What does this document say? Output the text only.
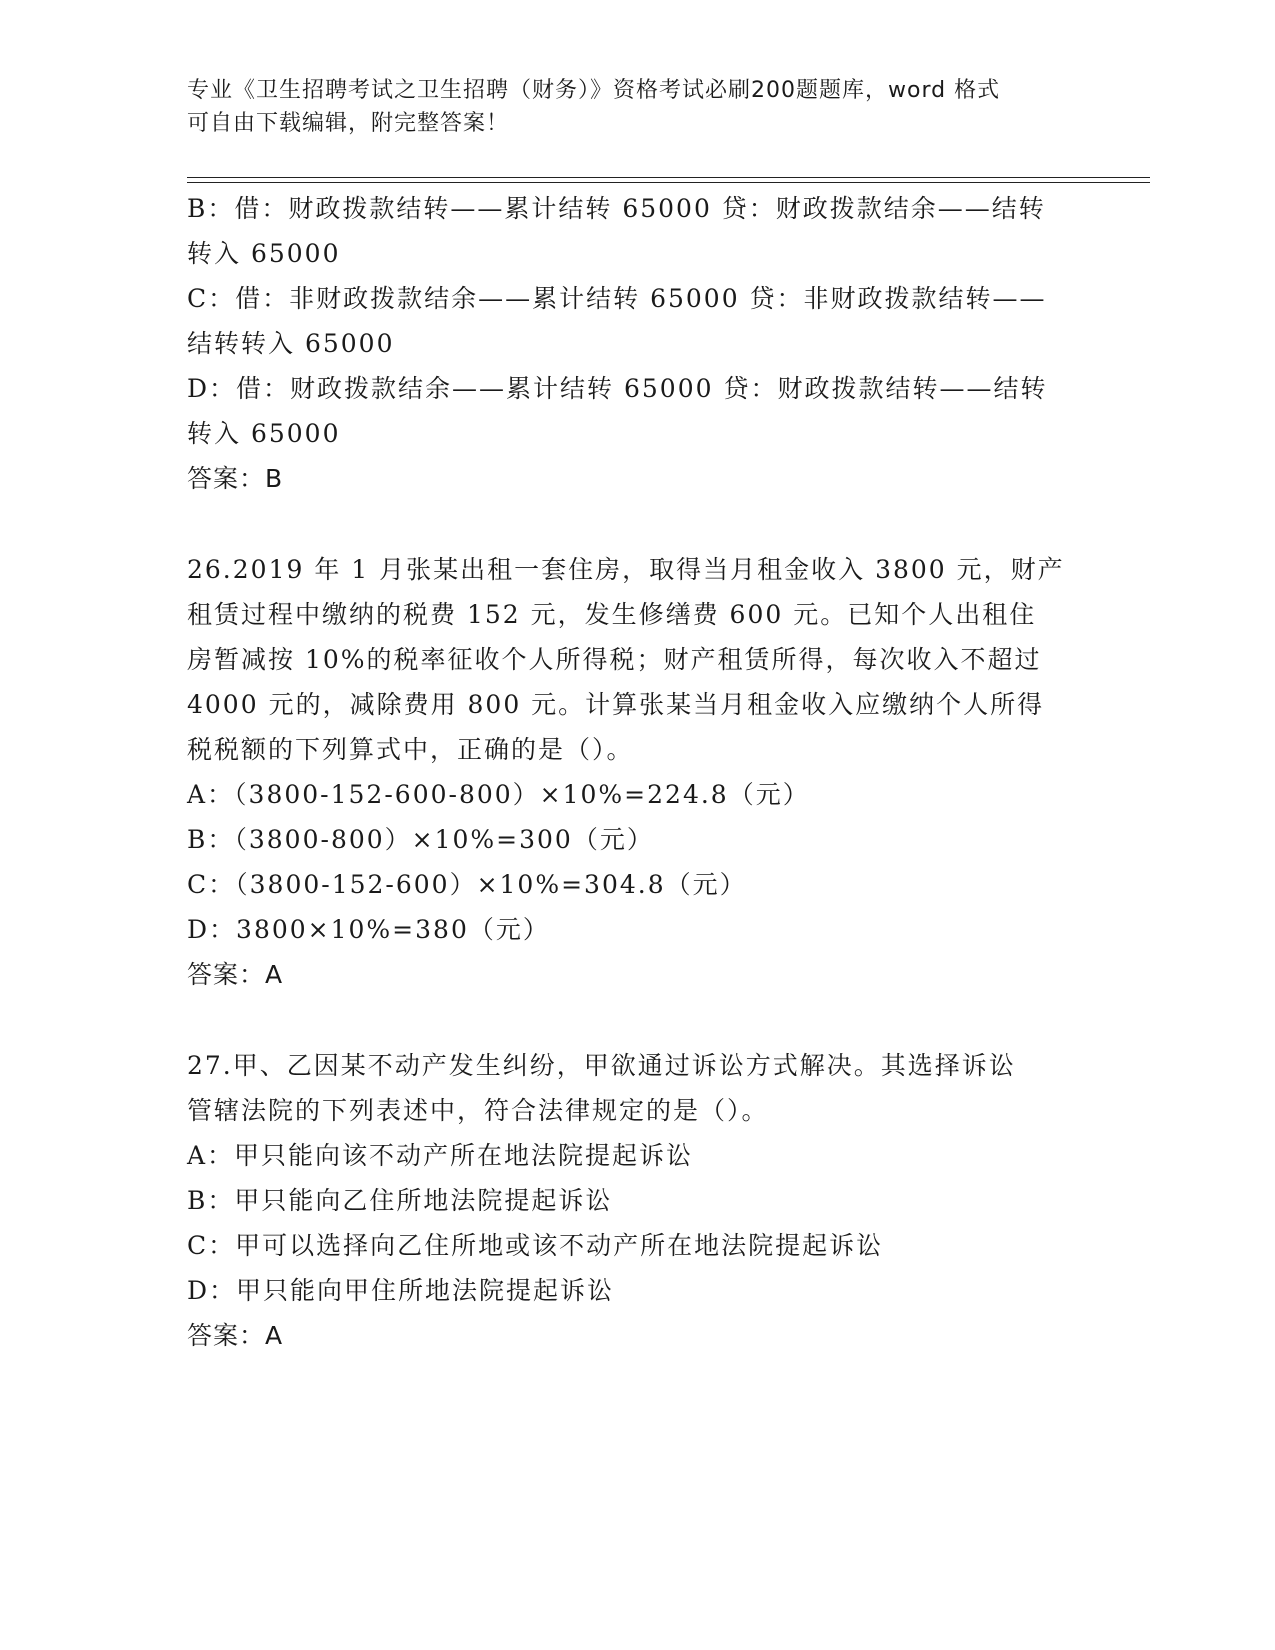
专业《卫生招聘考试之卫生招聘（财务）》资格考试必刷200题题库，word 格式
可自由下载编辑，附完整答案！
B：借：财政拨款结转——累计结转 65000 贷：财政拨款结余——结转
转入 65000
C：借：非财政拨款结余——累计结转 65000 贷：非财政拨款结转——
结转转入 65000
D：借：财政拨款结余——累计结转 65000 贷：财政拨款结转——结转
转入 65000
答案：B
26.2019 年 1 月张某出租一套住房，取得当月租金收入 3800 元，财产
租赁过程中缴纳的税费 152 元，发生修缮费 600 元。已知个人出租住
房暂减按 10%的税率征收个人所得税；财产租赁所得，每次收入不超过
4000 元的，减除费用 800 元。计算张某当月租金收入应缴纳个人所得
税税额的下列算式中，正确的是（）。
A：（3800-152-600-800）×10%=224.8（元）
B：（3800-800）×10%=300（元）
C：（3800-152-600）×10%=304.8（元）
D：3800×10%=380（元）
答案：A
27.甲、乙因某不动产发生纠纷，甲欲通过诉讼方式解决。其选择诉讼
管辖法院的下列表述中，符合法律规定的是（）。
A：甲只能向该不动产所在地法院提起诉讼
B：甲只能向乙住所地法院提起诉讼
C：甲可以选择向乙住所地或该不动产所在地法院提起诉讼
D：甲只能向甲住所地法院提起诉讼
答案：A
